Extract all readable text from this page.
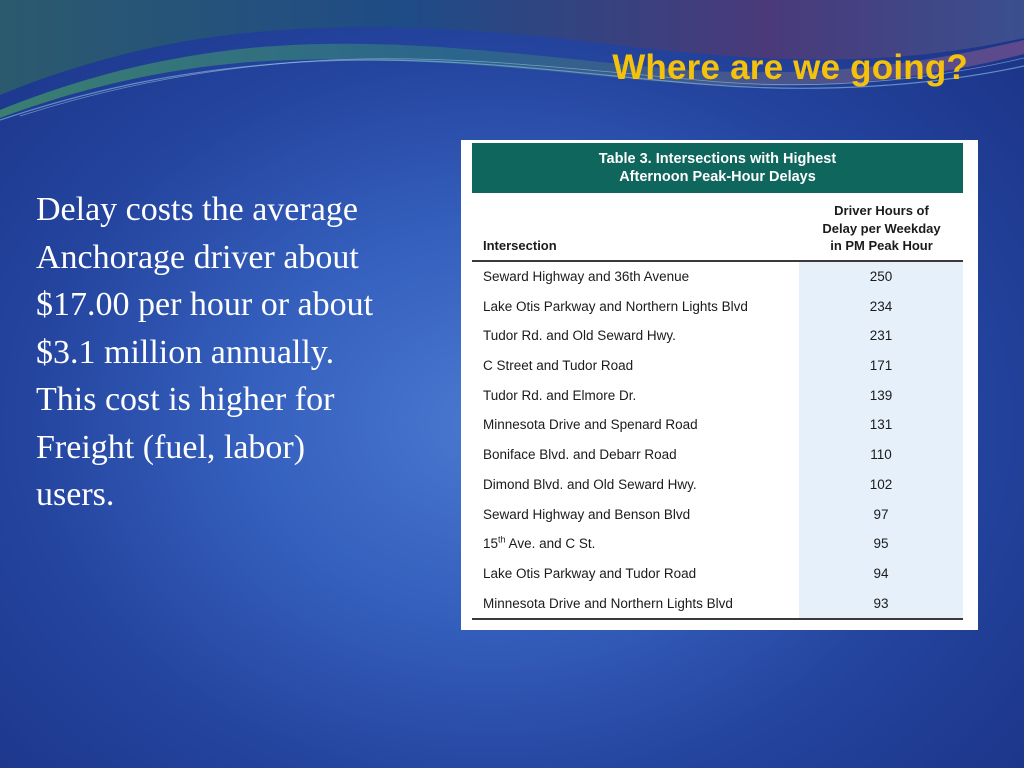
Where are we going?
Delay costs the average
Anchorage driver about
$17.00 per hour or about
$3.1 million annually.
This cost is higher for
Freight (fuel, labor)
users.
Table 3. Intersections with Highest
Afternoon Peak-Hour Delays
Driver Hours of
Delay per Weekday
in PM Peak Hour
Intersection
Seward Highway and 36th Avenue	250
Lake Otis Parkway and Northern Lights Blvd	234
Tudor Rd. and Old Seward Hwy.	231
C Street and Tudor Road	171
Tudor Rd. and Elmore Dr.	139
Minnesota Drive and Spenard Road	131
Boniface Blvd. and Debarr Road	110
Dimond Blvd. and Old Seward Hwy.	102
Seward Highway and Benson Blvd	97
15th Ave. and C St.	95
Lake Otis Parkway and Tudor Road	94
Minnesota Drive and Northern Lights Blvd	93
